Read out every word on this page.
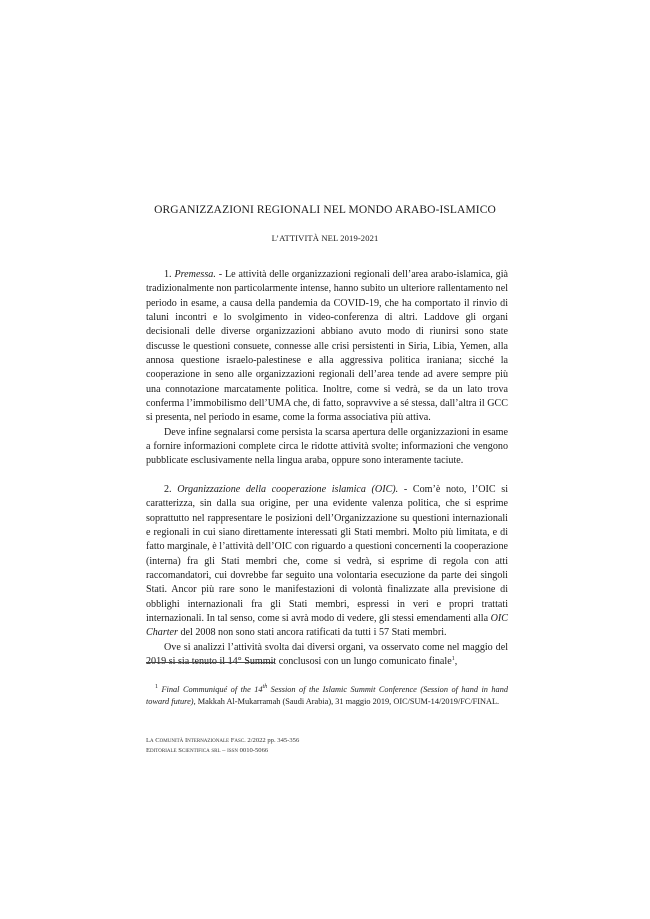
ORGANIZZAZIONI REGIONALI NEL MONDO ARABO-ISLAMICO
L’ATTIVITÀ NEL 2019-2021

1. Premessa. - Le attività delle organizzazioni regionali dell’area arabo-islamica, già tradizionalmente non particolarmente intense, hanno subito un ulteriore rallentamento nel periodo in esame, a causa della pandemia da COVID-19, che ha comportato il rinvio di taluni incontri e lo svolgimento in video-conferenza di altri. Laddove gli organi decisionali delle diverse organizzazioni abbiano avuto modo di riunirsi sono state discusse le questioni consuete, connesse alle crisi persistenti in Siria, Libia, Yemen, alla annosa questione israelo-palestinese e alla aggressiva politica iraniana; sicché la cooperazione in seno alle organizzazioni regionali dell’area tende ad avere sempre più una connotazione marcatamente politica. Inoltre, come si vedrà, se da un lato trova conferma l’immobilismo dell’UMA che, di fatto, sopravvive a sé stessa, dall’altra il GCC si presenta, nel periodo in esame, come la forma associativa più attiva.

Deve infine segnalarsi come persista la scarsa apertura delle organizzazioni in esame a fornire informazioni complete circa le ridotte attività svolte; informazioni che vengono pubblicate esclusivamente nella lingua araba, oppure sono interamente taciute.

2. Organizzazione della cooperazione islamica (OIC). - Com’è noto, l’OIC si caratterizza, sin dalla sua origine, per una evidente valenza politica, che si esprime soprattutto nel rappresentare le posizioni dell’Organizzazione su questioni internazionali e regionali in cui siano direttamente interessati gli Stati membri. Molto più limitata, e di fatto marginale, è l’attività dell’OIC con riguardo a questioni concernenti la cooperazione (interna) fra gli Stati membri che, come si vedrà, si esprime di regola con atti raccomandatori, cui dovrebbe far seguito una volontaria esecuzione da parte dei singoli Stati. Ancor più rare sono le manifestazioni di volontà finalizzate alla previsione di obblighi internazionali fra gli Stati membri, espressi in veri e propri trattati internazionali. In tal senso, come si avrà modo di vedere, gli stessi emendamenti alla OIC Charter del 2008 non sono stati ancora ratificati da tutti i 57 Stati membri.

Ove si analizzi l’attività svolta dai diversi organi, va osservato come nel maggio del 2019 si sia tenuto il 14° Summit conclusosi con un lungo comunicato finale$^1$,

$^1$ Final Communiqué of the 14th Session of the Islamic Summit Conference (Session of hand in hand toward future), Makkah Al-Mukarramah (Saudi Arabia), 31 maggio 2019, OIC/SUM-14/2019/FC/FINAL.
La Comunità Internazionale Fasc. 2/2022 pp. 345-356
Editoriale Scientifica srl – issn 0010-5066
